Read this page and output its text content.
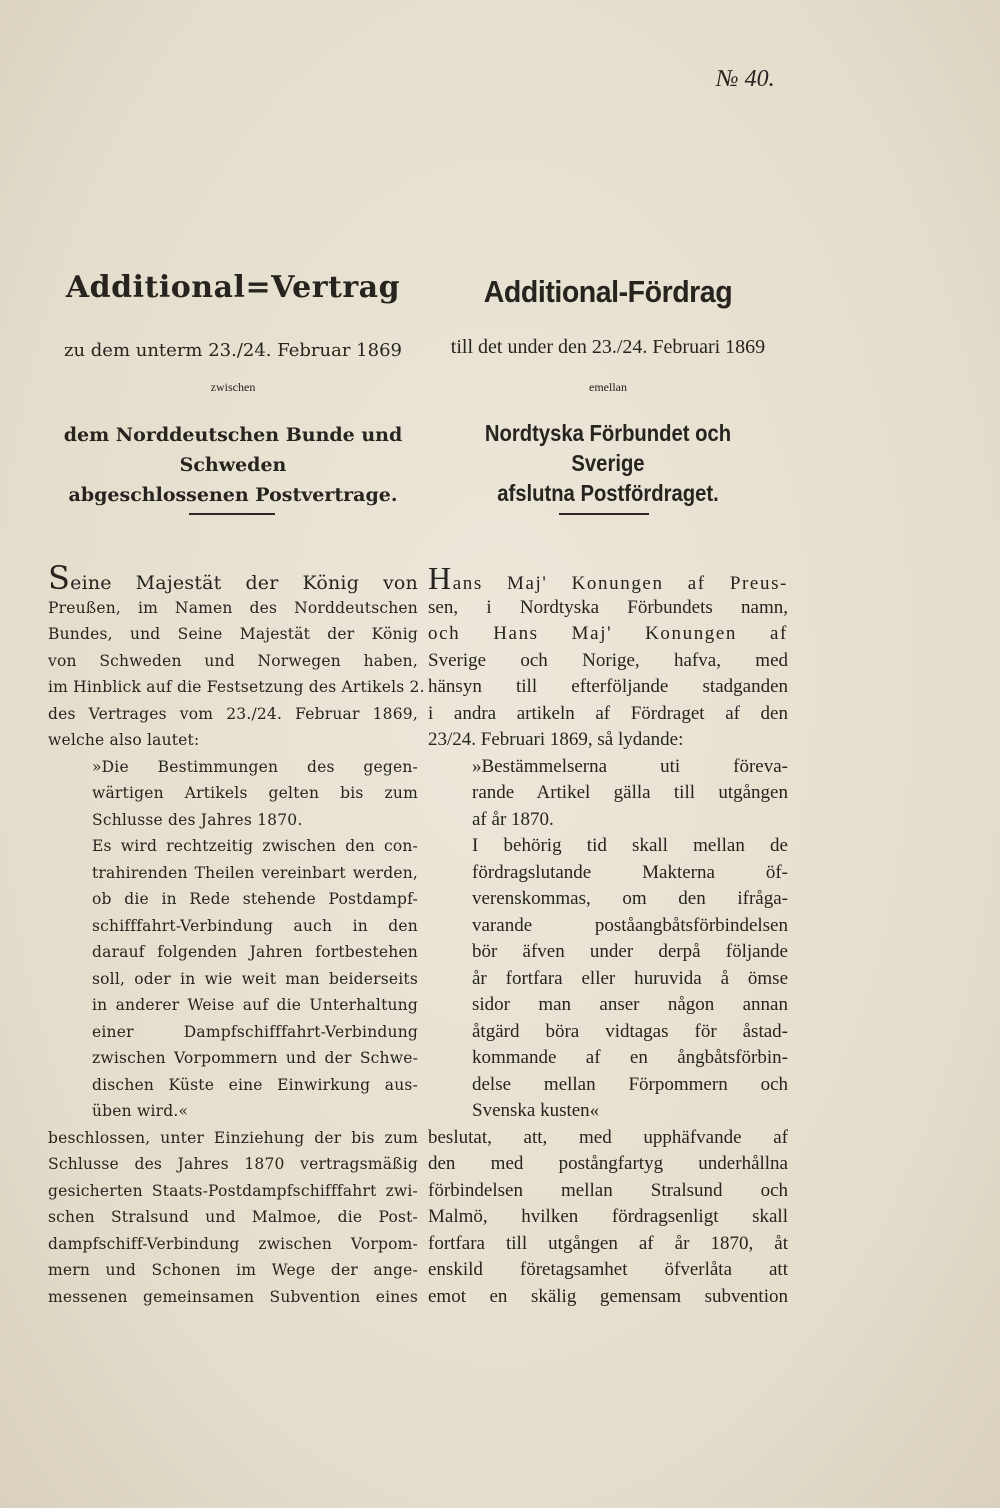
№ 40.
Additional=Vertrag
zu dem unterm 23./24. Februar 1869
zwischen
dem Norddeutschen Bunde und Schweden
abgeschlossenen Postvertrage.
Seine Majestät der König von
Preußen, im Namen des Norddeutschen
Bundes, und Seine Majestät der König
von Schweden und Norwegen haben,
im Hinblick auf die Festsetzung des Artikels 2.
des Vertrages vom 23./24. Februar 1869,
welche also lautet:
»Die Bestimmungen des gegen-
wärtigen Artikels gelten bis zum
Schlusse des Jahres 1870.
Es wird rechtzeitig zwischen den con-
trahirenden Theilen vereinbart werden,
ob die in Rede stehende Postdampf-
schifffahrt-Verbindung auch in den
darauf folgenden Jahren fortbestehen
soll, oder in wie weit man beiderseits
in anderer Weise auf die Unterhaltung
einer Dampfschifffahrt-Verbindung
zwischen Vorpommern und der Schwe-
dischen Küste eine Einwirkung aus-
üben wird.«
beschlossen, unter Einziehung der bis zum
Schlusse des Jahres 1870 vertragsmäßig
gesicherten Staats-Postdampfschifffahrt zwi-
schen Stralsund und Malmoe, die Post-
dampfschiff-Verbindung zwischen Vorpom-
mern und Schonen im Wege der ange-
messenen gemeinsamen Subvention eines
Additional-Fördrag
till det under den 23./24. Februari 1869
emellan
Nordtyska Förbundet och Sverige
afslutna Postfördraget.
Hans Maj' Konungen af Preus-
sen, i Nordtyska Förbundets namn,
och Hans Maj' Konungen af
Sverige och Norige, hafva, med
hänsyn till efterföljande stadganden
i andra artikeln af Fördraget af den
23/24. Februari 1869, så lydande:
»Bestämmelserna uti föreva-
rande Artikel gälla till utgången
af år 1870.
I behörig tid skall mellan de
fördragslutande Makterna öf-
verenskommas, om den ifråga-
varande poståangbåtsförbindelsen
bör äfven under derpå följande
år fortfara eller huruvida å ömse
sidor man anser någon annan
åtgärd böra vidtagas för åstad-
kommande af en ångbåtsförbin-
delse mellan Förpommern och
Svenska kusten«
beslutat, att, med upphäfvande af
den med postångfartyg underhållna
förbindelsen mellan Stralsund och
Malmö, hvilken fördragsenligt skall
fortfara till utgången af år 1870, åt
enskild företagsamhet öfverlåta att
emot en skälig gemensam subvention
